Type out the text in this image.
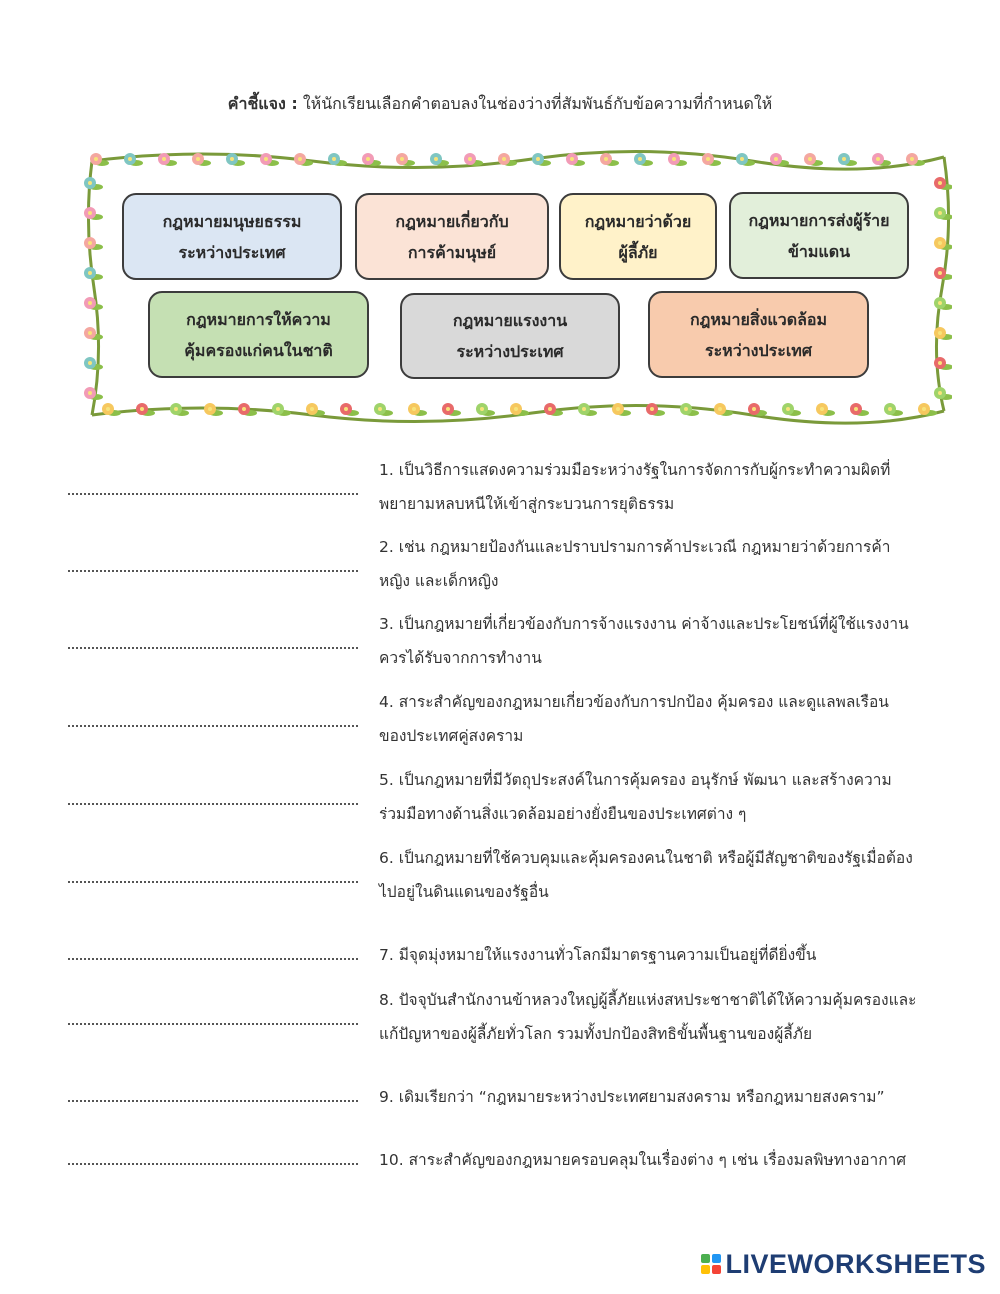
คำชี้แจง : ให้นักเรียนเลือกคำตอบลงในช่องว่างที่สัมพันธ์กับข้อความที่กำหนดให้
กฎหมายมนุษยธรรม
ระหว่างประเทศ
กฎหมายเกี่ยวกับ
การค้ามนุษย์
กฎหมายว่าด้วย
ผู้ลี้ภัย
กฎหมายการส่งผู้ร้าย
ข้ามแดน
กฎหมายการให้ความ
คุ้มครองแก่คนในชาติ
กฎหมายแรงงาน
ระหว่างประเทศ
กฎหมายสิ่งแวดล้อม
ระหว่างประเทศ
1. เป็นวิธีการแสดงความร่วมมือระหว่างรัฐในการจัดการกับผู้กระทำความผิดที่
พยายามหลบหนีให้เข้าสู่กระบวนการยุติธรรม
2. เช่น กฎหมายป้องกันและปราบปรามการค้าประเวณี กฎหมายว่าด้วยการค้า
หญิง และเด็กหญิง
3. เป็นกฎหมายที่เกี่ยวข้องกับการจ้างแรงงาน ค่าจ้างและประโยชน์ที่ผู้ใช้แรงงาน
ควรได้รับจากการทำงาน
4. สาระสำคัญของกฎหมายเกี่ยวข้องกับการปกป้อง คุ้มครอง และดูแลพลเรือน
ของประเทศคู่สงคราม
5. เป็นกฎหมายที่มีวัตถุประสงค์ในการคุ้มครอง อนุรักษ์ พัฒนา และสร้างความ
ร่วมมือทางด้านสิ่งแวดล้อมอย่างยั่งยืนของประเทศต่าง ๆ
6. เป็นกฎหมายที่ใช้ควบคุมและคุ้มครองคนในชาติ หรือผู้มีสัญชาติของรัฐเมื่อต้อง
ไปอยู่ในดินแดนของรัฐอื่น
7. มีจุดมุ่งหมายให้แรงงานทั่วโลกมีมาตรฐานความเป็นอยู่ที่ดียิ่งขึ้น
8. ปัจจุบันสำนักงานข้าหลวงใหญ่ผู้ลี้ภัยแห่งสหประชาชาติได้ให้ความคุ้มครองและ
แก้ปัญหาของผู้ลี้ภัยทั่วโลก รวมทั้งปกป้องสิทธิขั้นพื้นฐานของผู้ลี้ภัย
9. เดิมเรียกว่า “กฎหมายระหว่างประเทศยามสงคราม หรือกฎหมายสงคราม”
10. สาระสำคัญของกฎหมายครอบคลุมในเรื่องต่าง ๆ เช่น เรื่องมลพิษทางอากาศ
LIVEWORKSHEETS
